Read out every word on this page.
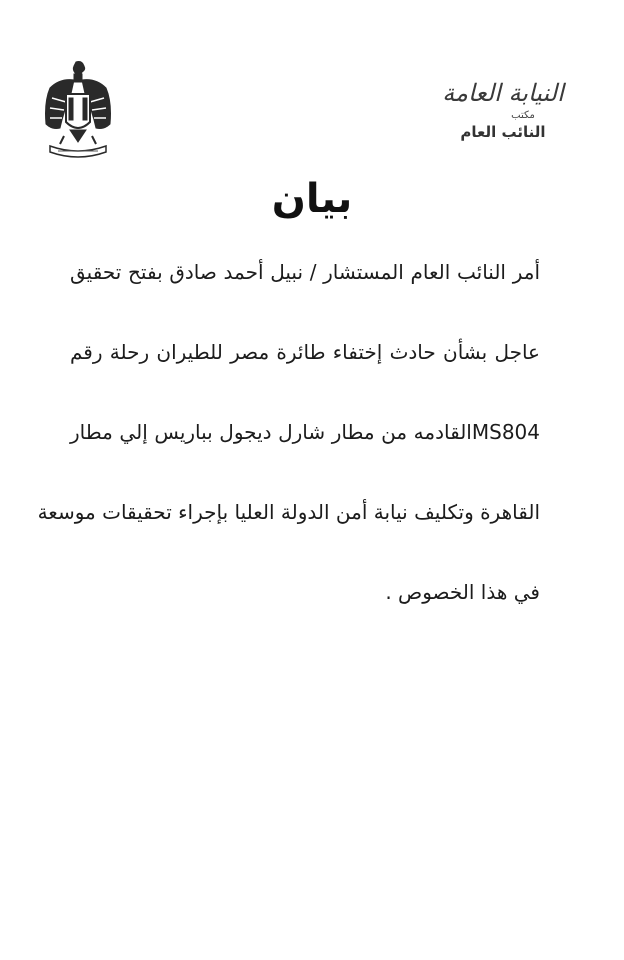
النيابة العامة
مكتب
النائب العام
بيان
أمر النائب العام المستشار / نبيل أحمد صادق بفتح تحقيق
عاجل بشأن حادث إختفاء طائرة مصر للطيران رحلة رقم
MS804القادمه من مطار شارل ديجول بباريس إلي مطار
القاهرة وتكليف نيابة أمن الدولة العليا بإجراء تحقيقات موسعة
في هذا الخصوص .
